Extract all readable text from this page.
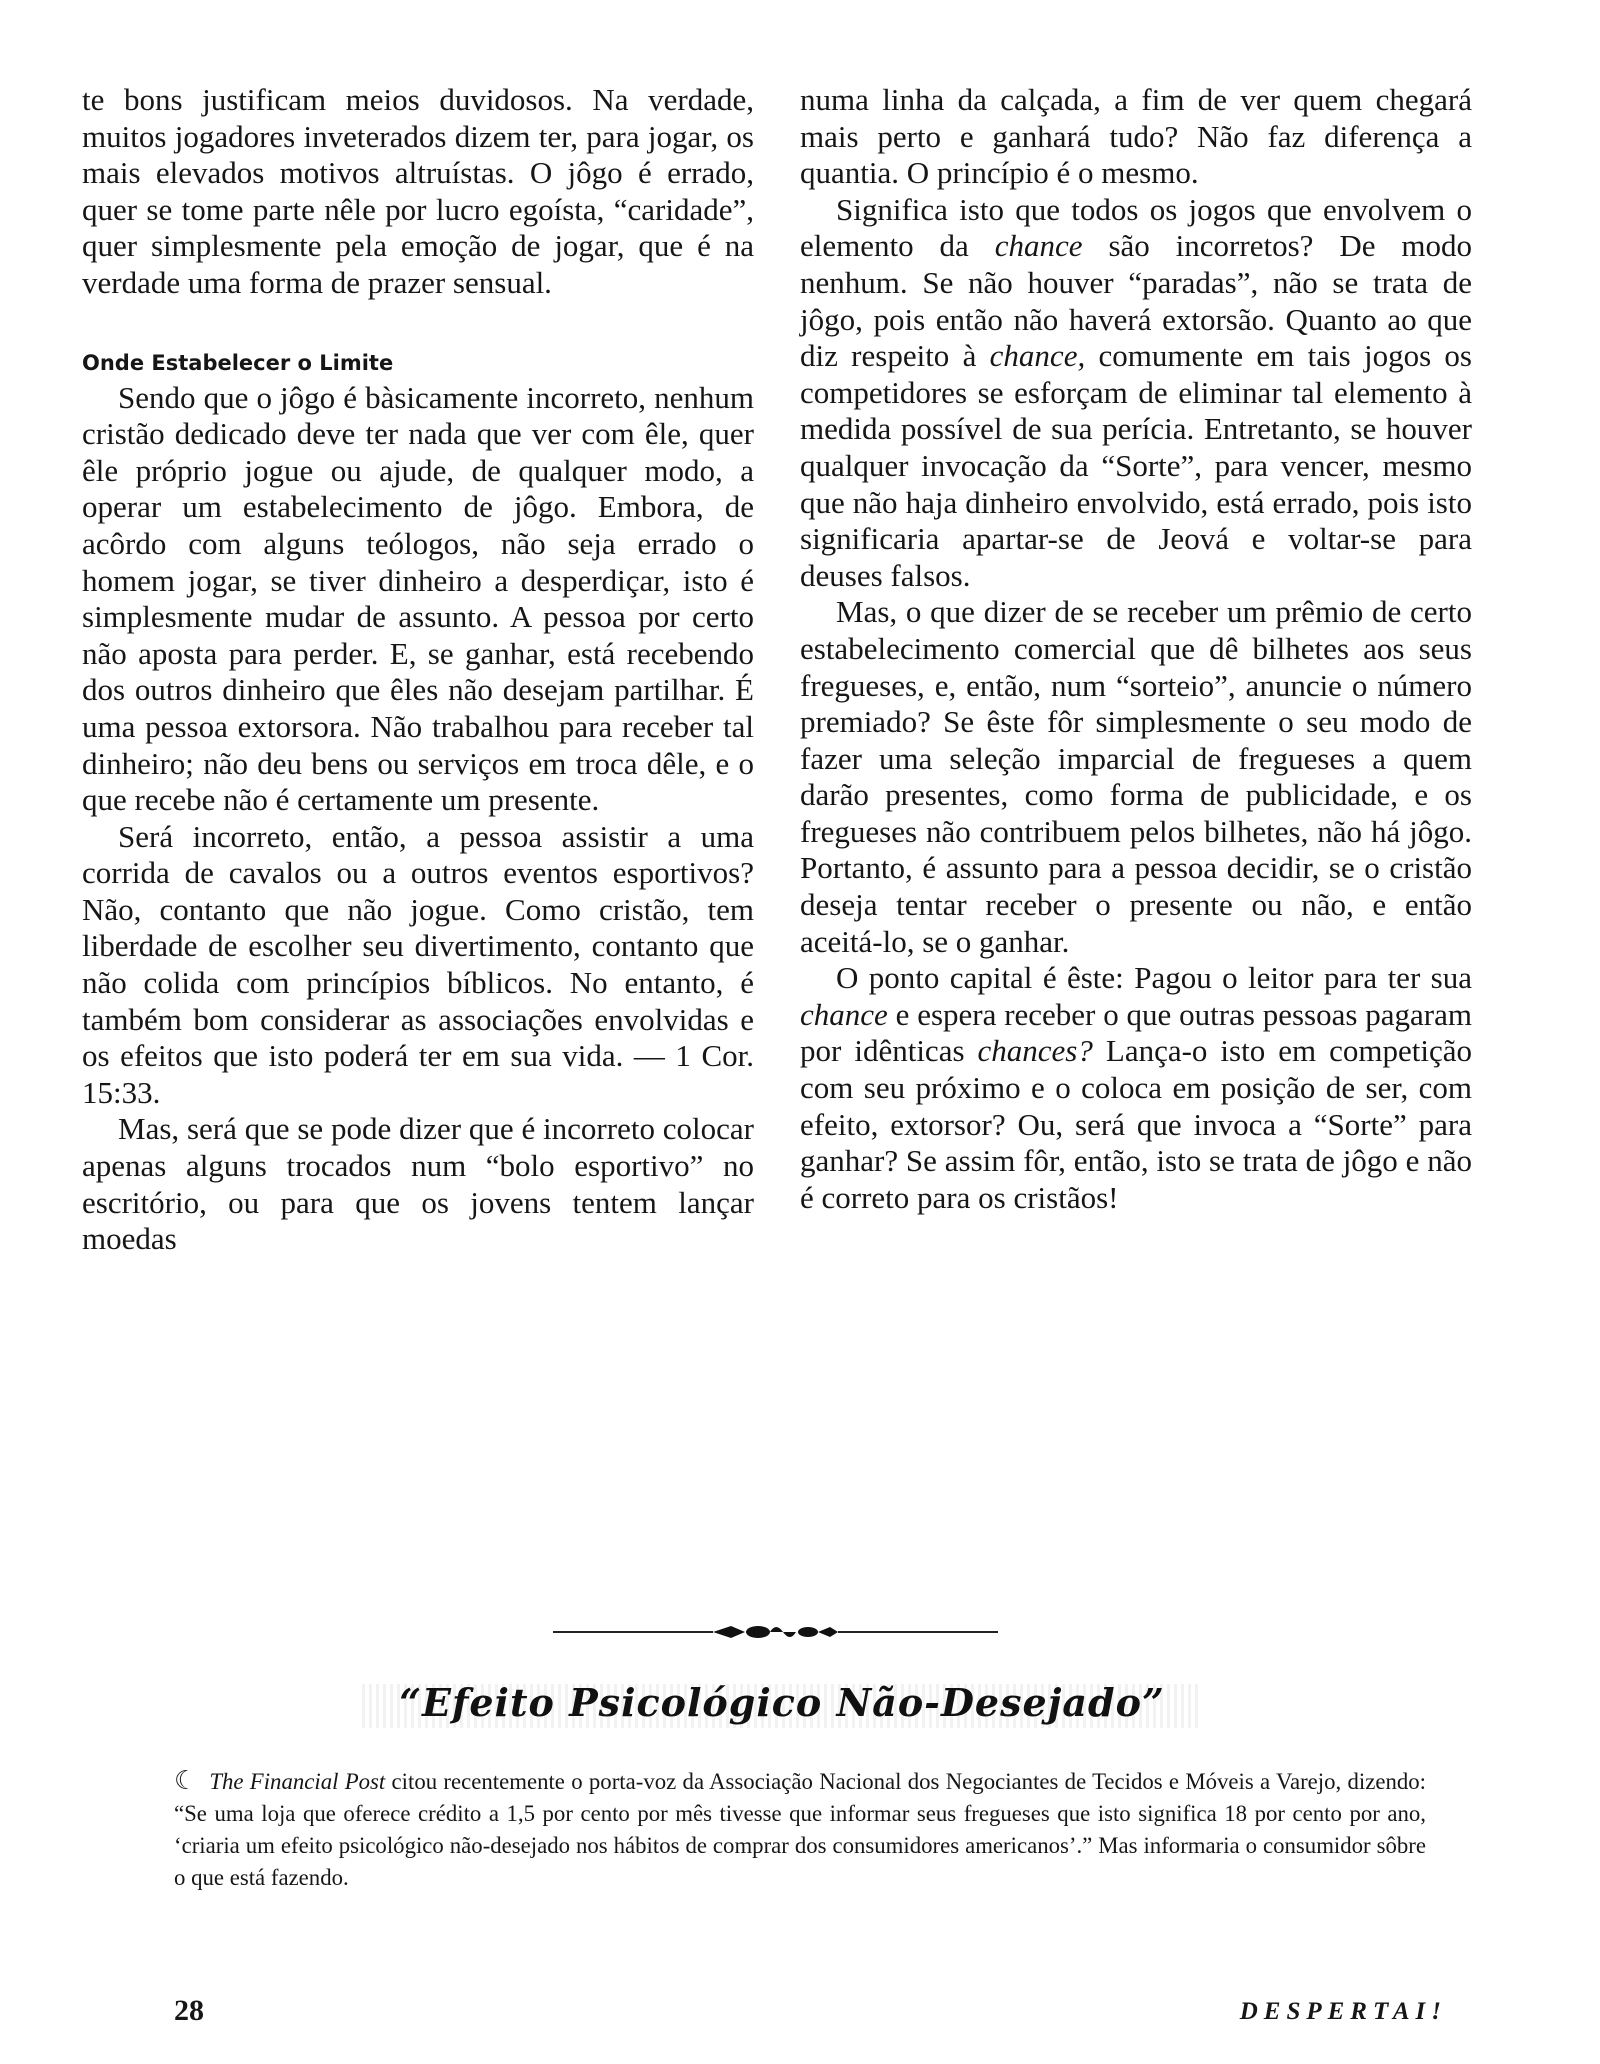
te bons justificam meios duvidosos. Na verdade, muitos jogadores inveterados dizem ter, para jogar, os mais elevados motivos altruístas. O jôgo é errado, quer se tome parte nêle por lucro egoísta, “caridade”, quer simplesmente pela emoção de jogar, que é na verdade uma forma de prazer sensual.

Onde Estabelecer o Limite

Sendo que o jôgo é bàsicamente incorreto, nenhum cristão dedicado deve ter nada que ver com êle, quer êle próprio jogue ou ajude, de qualquer modo, a operar um estabelecimento de jôgo. Embora, de acôrdo com alguns teólogos, não seja errado o homem jogar, se tiver dinheiro a desperdiçar, isto é simplesmente mudar de assunto. A pessoa por certo não aposta para perder. E, se ganhar, está recebendo dos outros dinheiro que êles não desejam partilhar. É uma pessoa extorsora. Não trabalhou para receber tal dinheiro; não deu bens ou serviços em troca dêle, e o que recebe não é certamente um presente.

Será incorreto, então, a pessoa assistir a uma corrida de cavalos ou a outros eventos esportivos? Não, contanto que não jogue. Como cristão, tem liberdade de escolher seu divertimento, contanto que não colida com princípios bíblicos. No entanto, é também bom considerar as associações envolvidas e os efeitos que isto poderá ter em sua vida. — 1 Cor. 15:33.

Mas, será que se pode dizer que é incorreto colocar apenas alguns trocados num “bolo esportivo” no escritório, ou para que os jovens tentem lançar moedas

numa linha da calçada, a fim de ver quem chegará mais perto e ganhará tudo? Não faz diferença a quantia. O princípio é o mesmo.

Significa isto que todos os jogos que envolvem o elemento da chance são incorretos? De modo nenhum. Se não houver “paradas”, não se trata de jôgo, pois então não haverá extorsão. Quanto ao que diz respeito à chance, comumente em tais jogos os competidores se esforçam de eliminar tal elemento à medida possível de sua perícia. Entretanto, se houver qualquer invocação da “Sorte”, para vencer, mesmo que não haja dinheiro envolvido, está errado, pois isto significaria apartar-se de Jeová e voltar-se para deuses falsos.

Mas, o que dizer de se receber um prêmio de certo estabelecimento comercial que dê bilhetes aos seus fregueses, e, então, num “sorteio”, anuncie o número premiado? Se êste fôr simplesmente o seu modo de fazer uma seleção imparcial de fregueses a quem darão presentes, como forma de publicidade, e os fregueses não contribuem pelos bilhetes, não há jôgo. Portanto, é assunto para a pessoa decidir, se o cristão deseja tentar receber o presente ou não, e então aceitá-lo, se o ganhar.

O ponto capital é êste: Pagou o leitor para ter sua chance e espera receber o que outras pessoas pagaram por idênticas chances? Lança-o isto em competição com seu próximo e o coloca em posição de ser, com efeito, extorsor? Ou, será que invoca a “Sorte” para ganhar? Se assim fôr, então, isto se trata de jôgo e não é correto para os cristãos!

“Efeito Psicológico Não-Desejado”

☾ The Financial Post citou recentemente o porta-voz da Associação Nacional dos Negociantes de Tecidos e Móveis a Varejo, dizendo: “Se uma loja que oferece crédito a 1,5 por cento por mês tivesse que informar seus fregueses que isto significa 18 por cento por ano, ‘criaria um efeito psicológico não-desejado nos hábitos de comprar dos consumidores americanos’.” Mas informaria o consumidor sôbre o que está fazendo.

28	DESPERTAI!
